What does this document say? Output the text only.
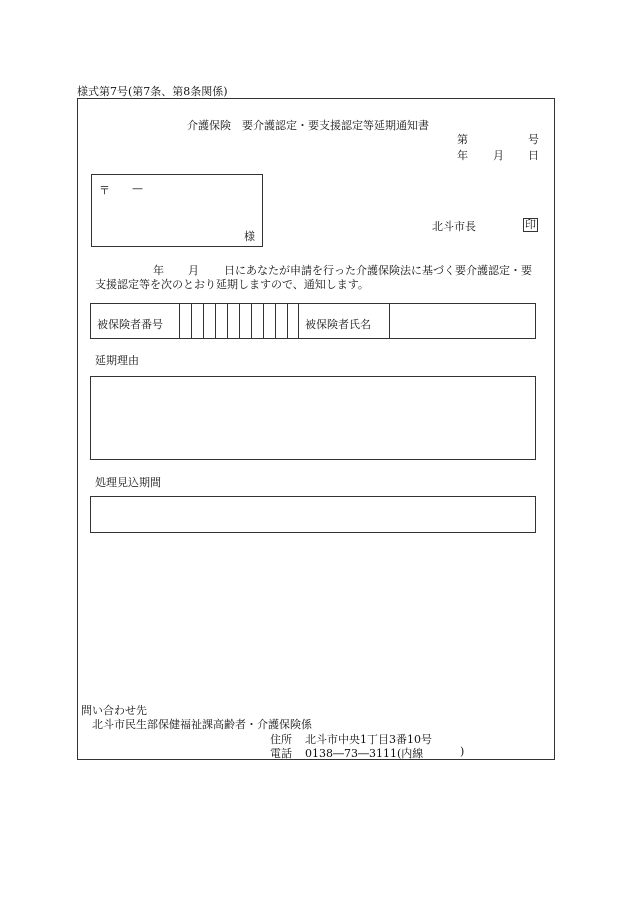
様式第7号(第7条、第8条関係)
介護保険　要介護認定・要支援認定等延期通知書
第	号
年 月 日
〒 —
様
北斗市長	印
年 月 日にあなたが申請を行った介護保険法に基づく要介護認定・要
支援認定等を次のとおり延期しますので、通知します。
被保険者番号	被保険者氏名
延期理由
処理見込期間
問い合わせ先
北斗市民生部保健福祉課高齢者・介護保険係
住所 北斗市中央1丁目3番10号
電話 0138―73―3111(内線	)
